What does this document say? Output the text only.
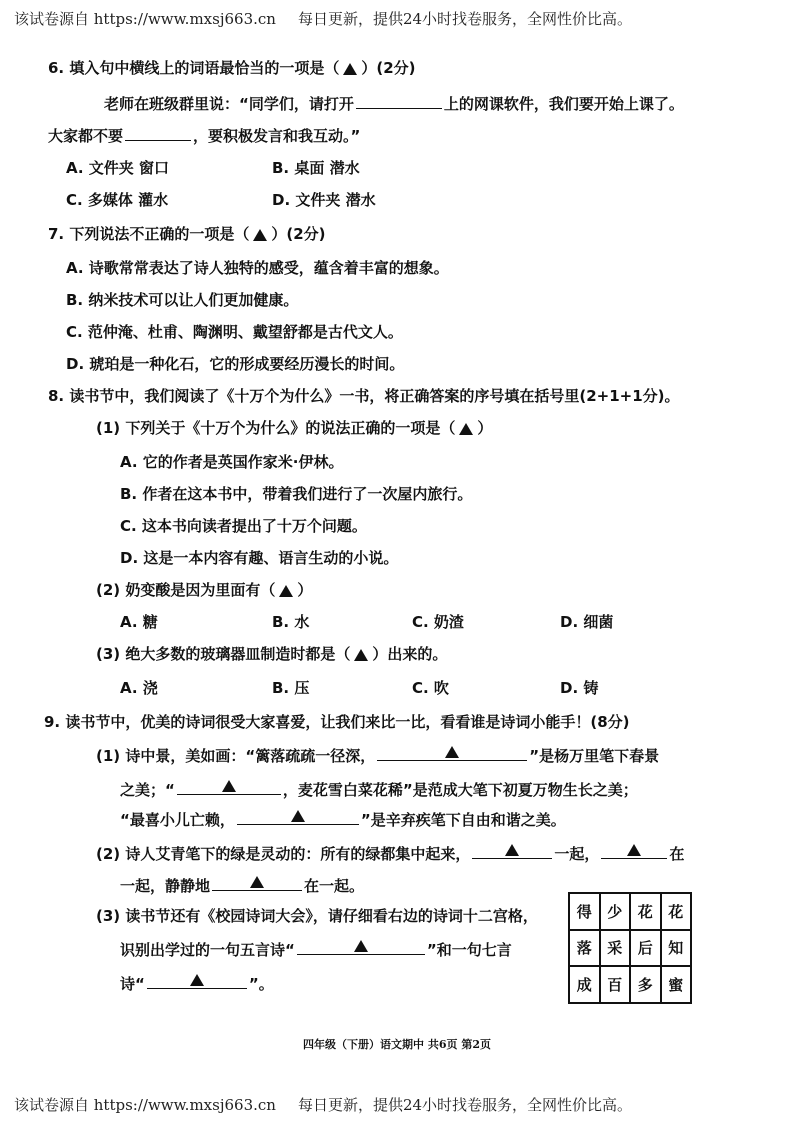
该试卷源自 https://www.mxsj663.cn 每日更新，提供24小时找卷服务，全网性价比高。
6. 填入句中横线上的词语最恰当的一项是（ ）(2分)
老师在班级群里说：“同学们，请打开	上的网课软件，我们要开始上课了。
大家都不要	，要积极发言和我互动。”
A. 文件夹 窗口	B. 桌面 潜水
C. 多媒体 灌水	D. 文件夹 潜水
7. 下列说法不正确的一项是（ ）(2分)
A. 诗歌常常表达了诗人独特的感受，蕴含着丰富的想象。
B. 纳米技术可以让人们更加健康。
C. 范仲淹、杜甫、陶渊明、戴望舒都是古代文人。
D. 琥珀是一种化石，它的形成要经历漫长的时间。
8. 读书节中，我们阅读了《十万个为什么》一书，将正确答案的序号填在括号里(2+1+1分)。
(1) 下列关于《十万个为什么》的说法正确的一项是（ ）
A. 它的作者是英国作家米·伊林。
B. 作者在这本书中，带着我们进行了一次屋内旅行。
C. 这本书向读者提出了十万个问题。
D. 这是一本内容有趣、语言生动的小说。
(2) 奶变酸是因为里面有（ ）
A. 糖	B. 水	C. 奶渣	D. 细菌
(3) 绝大多数的玻璃器皿制造时都是（ ）出来的。
A. 浇	B. 压	C. 吹	D. 铸
9. 读书节中，优美的诗词很受大家喜爱，让我们来比一比，看看谁是诗词小能手！(8分)
(1) 诗中景，美如画：“篱落疏疏一径深，	”是杨万里笔下春景
之美；“	，麦花雪白菜花稀”是范成大笔下初夏万物生长之美；
“最喜小儿亡赖，	”是辛弃疾笔下自由和谐之美。
(2) 诗人艾青笔下的绿是灵动的：所有的绿都集中起来，	一起，	在
一起，静静地	在一起。
(3) 读书节还有《校园诗词大会》，请仔细看右边的诗词十二宫格，
识别出学过的一句五言诗“	”和一句七言
诗“	”。
得	少	花	花
落	采	后	知
成	百	多	蜜
四年级（下册）语文期中 共6页 第2页
该试卷源自 https://www.mxsj663.cn 每日更新，提供24小时找卷服务，全网性价比高。
